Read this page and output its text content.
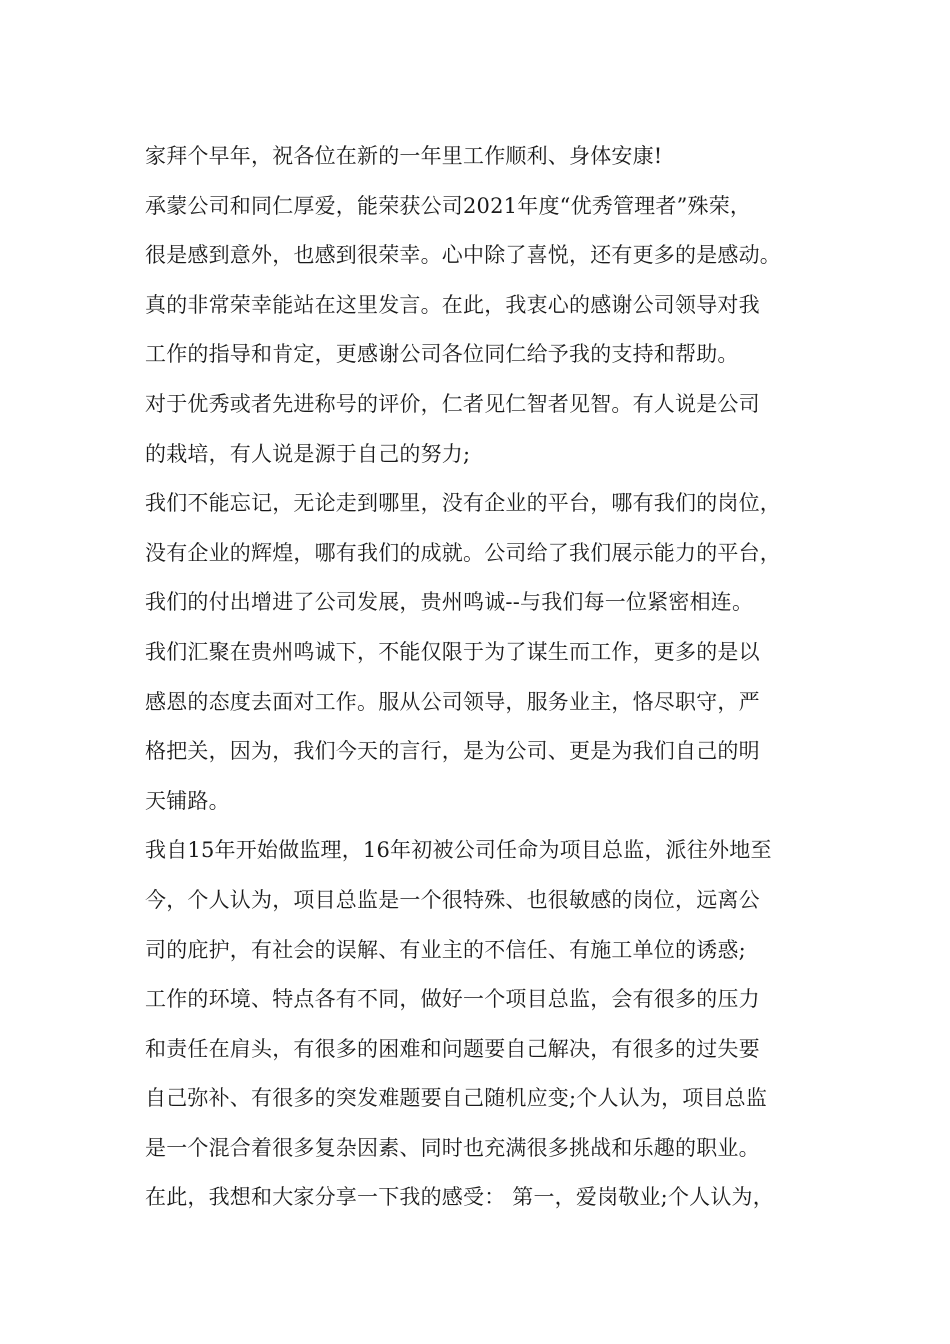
家拜个早年，祝各位在新的一年里工作顺利、身体安康!
承蒙公司和同仁厚爱，能荣获公司2021年度“优秀管理者”殊荣，
很是感到意外，也感到很荣幸。心中除了喜悦，还有更多的是感动。
真的非常荣幸能站在这里发言。在此，我衷心的感谢公司领导对我
工作的指导和肯定，更感谢公司各位同仁给予我的支持和帮助。
对于优秀或者先进称号的评价，仁者见仁智者见智。有人说是公司
的栽培，有人说是源于自己的努力;
我们不能忘记，无论走到哪里，没有企业的平台，哪有我们的岗位，
没有企业的辉煌，哪有我们的成就。公司给了我们展示能力的平台，
我们的付出增进了公司发展，贵州鸣诚--与我们每一位紧密相连。
我们汇聚在贵州鸣诚下，不能仅限于为了谋生而工作，更多的是以
感恩的态度去面对工作。服从公司领导，服务业主，恪尽职守，严
格把关，因为，我们今天的言行，是为公司、更是为我们自己的明
天铺路。
我自15年开始做监理，16年初被公司任命为项目总监，派往外地至
今，个人认为，项目总监是一个很特殊、也很敏感的岗位，远离公
司的庇护，有社会的误解、有业主的不信任、有施工单位的诱惑;
工作的环境、特点各有不同，做好一个项目总监，会有很多的压力
和责任在肩头，有很多的困难和问题要自己解决，有很多的过失要
自己弥补、有很多的突发难题要自己随机应变;个人认为，项目总监
是一个混合着很多复杂因素、同时也充满很多挑战和乐趣的职业。
在此，我想和大家分享一下我的感受： 第一，爱岗敬业;个人认为，
